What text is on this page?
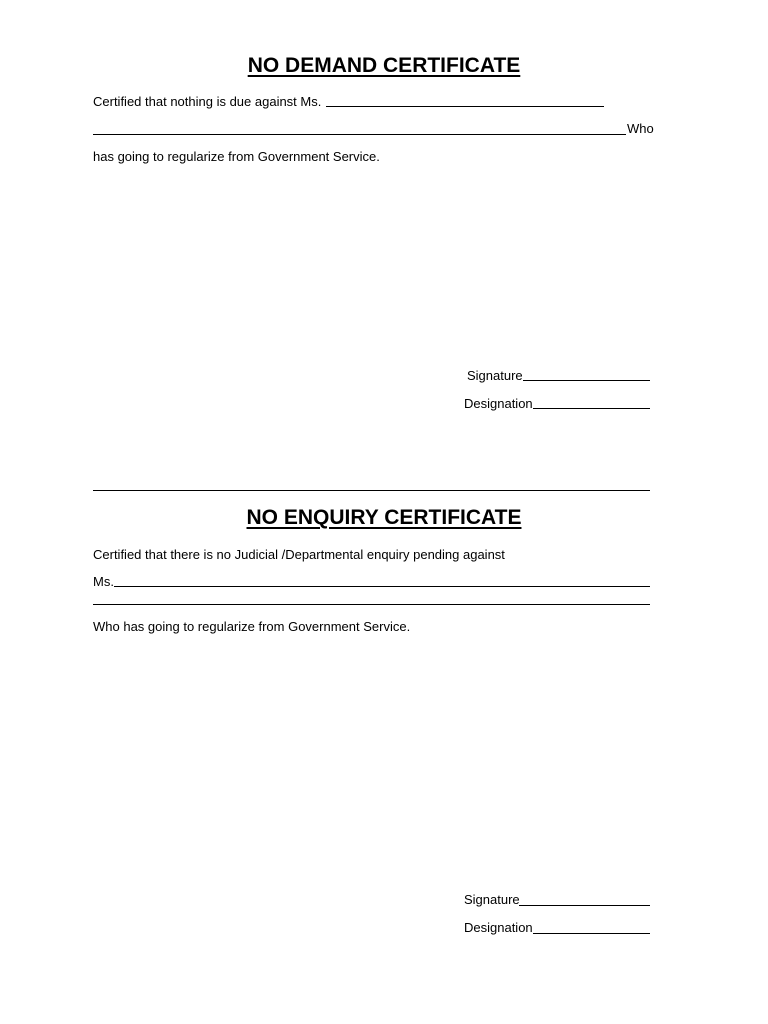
NO DEMAND CERTIFICATE
Certified that nothing is due against Ms.
Who
has going to regularize from Government Service.
Signature
Designation
NO ENQUIRY CERTIFICATE
Certified that there is no Judicial /Departmental enquiry pending against
Ms.
Who has going to regularize from Government Service.
Signature
Designation
